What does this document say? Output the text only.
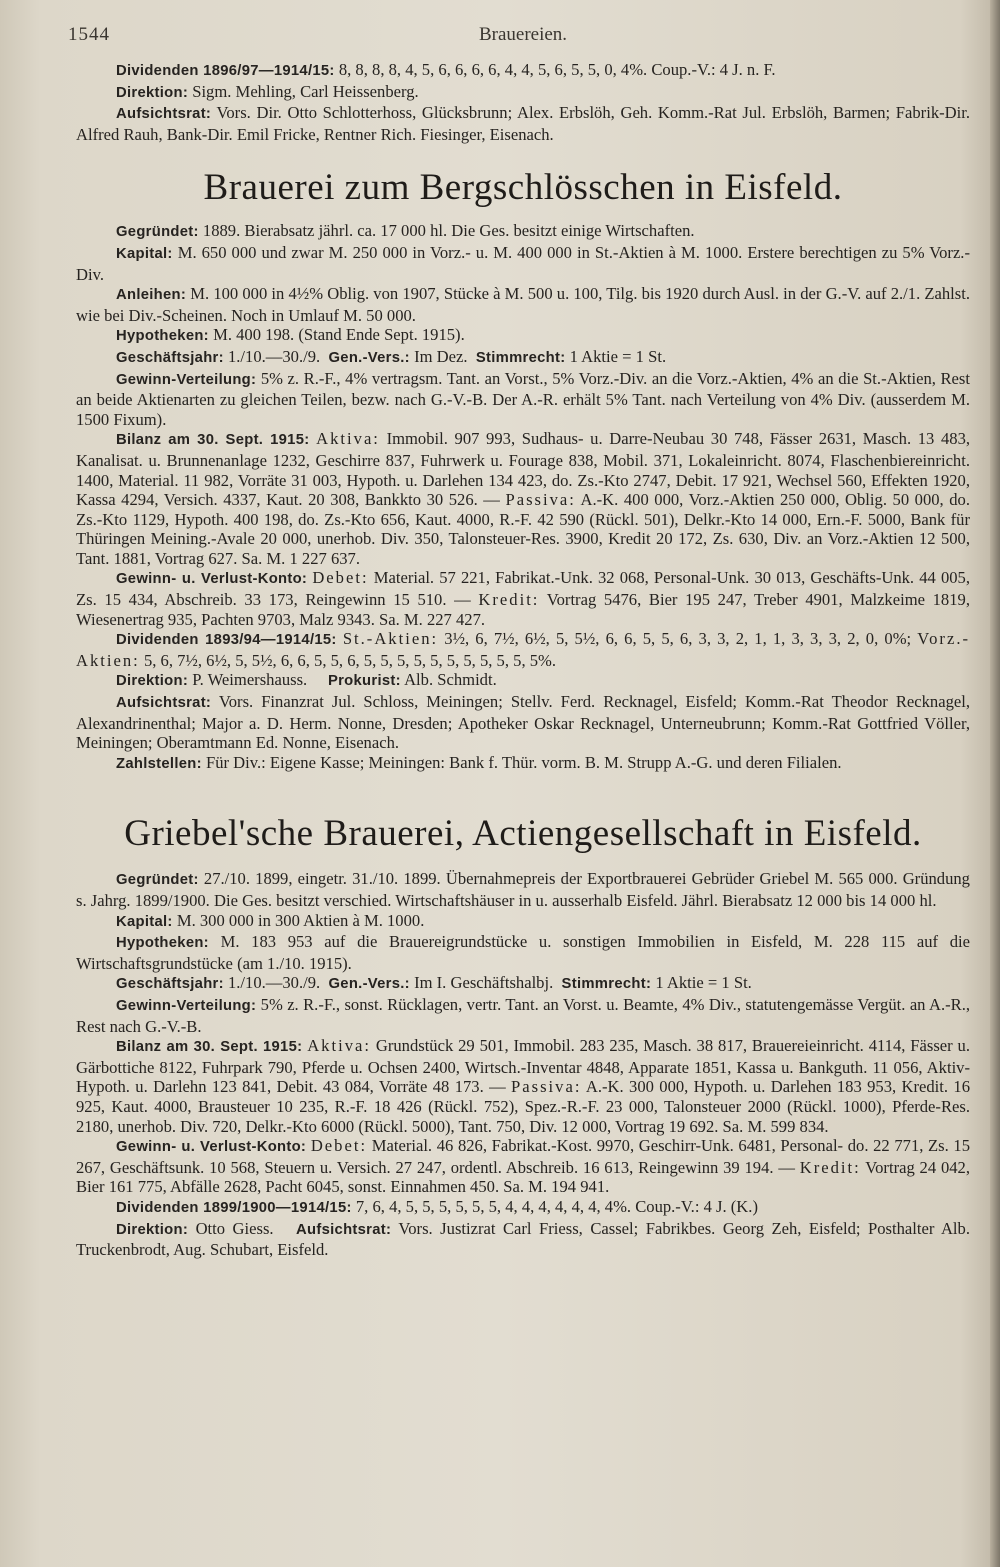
1544	Brauereien.

Dividenden 1896/97—1914/15: 8, 8, 8, 8, 4, 5, 6, 6, 6, 6, 4, 4, 5, 6, 5, 5, 0, 4%. Coup.-V.: 4 J. n. F.

Direktion: Sigm. Mehling, Carl Heissenberg.

Aufsichtsrat: Vors. Dir. Otto Schlotterhoss, Glücksbrunn; Alex. Erbslöh, Geh. Komm.-Rat Jul. Erbslöh, Barmen; Fabrik-Dir. Alfred Rauh, Bank-Dir. Emil Fricke, Rentner Rich. Fiesinger, Eisenach.

Brauerei zum Bergschlösschen in Eisfeld.

Gegründet: 1889. Bierabsatz jährl. ca. 17 000 hl. Die Ges. besitzt einige Wirtschaften.

Kapital: M. 650 000 und zwar M. 250 000 in Vorz.- u. M. 400 000 in St.-Aktien à M. 1000. Erstere berechtigen zu 5% Vorz.-Div.

Anleihen: M. 100 000 in 4½% Oblig. von 1907, Stücke à M. 500 u. 100, Tilg. bis 1920 durch Ausl. in der G.-V. auf 2./1. Zahlst. wie bei Div.-Scheinen. Noch in Umlauf M. 50 000.

Hypotheken: M. 400 198. (Stand Ende Sept. 1915).

Geschäftsjahr: 1./10.—30./9. Gen.-Vers.: Im Dez. Stimmrecht: 1 Aktie = 1 St.

Gewinn-Verteilung: 5% z. R.-F., 4% vertragsm. Tant. an Vorst., 5% Vorz.-Div. an die Vorz.-Aktien, 4% an die St.-Aktien, Rest an beide Aktienarten zu gleichen Teilen, bezw. nach G.-V.-B. Der A.-R. erhält 5% Tant. nach Verteilung von 4% Div. (ausserdem M. 1500 Fixum).

Bilanz am 30. Sept. 1915: Aktiva: Immobil. 907 993, Sudhaus- u. Darre-Neubau 30 748, Fässer 2631, Masch. 13 483, Kanalisat. u. Brunnenanlage 1232, Geschirre 837, Fuhrwerk u. Fourage 838, Mobil. 371, Lokaleinricht. 8074, Flaschenbiereinricht. 1400, Material. 11 982, Vorräte 31 003, Hypoth. u. Darlehen 134 423, do. Zs.-Kto 2747, Debit. 17 921, Wechsel 560, Effekten 1920, Kassa 4294, Versich. 4337, Kaut. 20 308, Bankkto 30 526. — Passiva: A.-K. 400 000, Vorz.-Aktien 250 000, Oblig. 50 000, do. Zs.-Kto 1129, Hypoth. 400 198, do. Zs.-Kto 656, Kaut. 4000, R.-F. 42 590 (Rückl. 501), Delkr.-Kto 14 000, Ern.-F. 5000, Bank für Thüringen Meining.-Avale 20 000, unerhob. Div. 350, Talonsteuer-Res. 3900, Kredit 20 172, Zs. 630, Div. an Vorz.-Aktien 12 500, Tant. 1881, Vortrag 627. Sa. M. 1 227 637.

Gewinn- u. Verlust-Konto: Debet: Material. 57 221, Fabrikat.-Unk. 32 068, Personal-Unk. 30 013, Geschäfts-Unk. 44 005, Zs. 15 434, Abschreib. 33 173, Reingewinn 15 510. — Kredit: Vortrag 5476, Bier 195 247, Treber 4901, Malzkeime 1819, Wiesenertrag 935, Pachten 9703, Malz 9343. Sa. M. 227 427.

Dividenden 1893/94—1914/15: St.-Aktien: 3½, 6, 7½, 6½, 5, 5½, 6, 6, 5, 5, 6, 3, 3, 2, 1, 1, 3, 3, 3, 2, 0, 0%; Vorz.-Aktien: 5, 6, 7½, 6½, 5, 5½, 6, 6, 5, 5, 6, 5, 5, 5, 5, 5, 5, 5, 5, 5, 5, 5%.

Direktion: P. Weimershauss. Prokurist: Alb. Schmidt.

Aufsichtsrat: Vors. Finanzrat Jul. Schloss, Meiningen; Stellv. Ferd. Recknagel, Eisfeld; Komm.-Rat Theodor Recknagel, Alexandrinenthal; Major a. D. Herm. Nonne, Dresden; Apotheker Oskar Recknagel, Unterneubrunn; Komm.-Rat Gottfried Völler, Meiningen; Oberamtmann Ed. Nonne, Eisenach.

Zahlstellen: Für Div.: Eigene Kasse; Meiningen: Bank f. Thür. vorm. B. M. Strupp A.-G. und deren Filialen.

Griebel'sche Brauerei, Actiengesellschaft in Eisfeld.

Gegründet: 27./10. 1899, eingetr. 31./10. 1899. Übernahmepreis der Exportbrauerei Gebrüder Griebel M. 565 000. Gründung s. Jahrg. 1899/1900. Die Ges. besitzt verschied. Wirtschaftshäuser in u. ausserhalb Eisfeld. Jährl. Bierabsatz 12 000 bis 14 000 hl.

Kapital: M. 300 000 in 300 Aktien à M. 1000.

Hypotheken: M. 183 953 auf die Brauereigrundstücke u. sonstigen Immobilien in Eisfeld, M. 228 115 auf die Wirtschaftsgrundstücke (am 1./10. 1915).

Geschäftsjahr: 1./10.—30./9. Gen.-Vers.: Im I. Geschäftshalbj. Stimmrecht: 1 Aktie = 1 St.

Gewinn-Verteilung: 5% z. R.-F., sonst. Rücklagen, vertr. Tant. an Vorst. u. Beamte, 4% Div., statutengemässe Vergüt. an A.-R., Rest nach G.-V.-B.

Bilanz am 30. Sept. 1915: Aktiva: Grundstück 29 501, Immobil. 283 235, Masch. 38 817, Brauereieinricht. 4114, Fässer u. Gärbottiche 8122, Fuhrpark 790, Pferde u. Ochsen 2400, Wirtsch.-Inventar 4848, Apparate 1851, Kassa u. Bankguth. 11 056, Aktiv-Hypoth. u. Darlehn 123 841, Debit. 43 084, Vorräte 48 173. — Passiva: A.-K. 300 000, Hypoth. u. Darlehen 183 953, Kredit. 16 925, Kaut. 4000, Brausteuer 10 235, R.-F. 18 426 (Rückl. 752), Spez.-R.-F. 23 000, Talonsteuer 2000 (Rückl. 1000), Pferde-Res. 2180, unerhob. Div. 720, Delkr.-Kto 6000 (Rückl. 5000), Tant. 750, Div. 12 000, Vortrag 19 692. Sa. M. 599 834.

Gewinn- u. Verlust-Konto: Debet: Material. 46 826, Fabrikat.-Kost. 9970, Geschirr-Unk. 6481, Personal- do. 22 771, Zs. 15 267, Geschäftsunk. 10 568, Steuern u. Versich. 27 247, ordentl. Abschreib. 16 613, Reingewinn 39 194. — Kredit: Vortrag 24 042, Bier 161 775, Abfälle 2628, Pacht 6045, sonst. Einnahmen 450. Sa. M. 194 941.

Dividenden 1899/1900—1914/15: 7, 6, 4, 5, 5, 5, 5, 5, 5, 4, 4, 4, 4, 4, 4, 4%. Coup.-V.: 4 J. (K.)

Direktion: Otto Giess. Aufsichtsrat: Vors. Justizrat Carl Friess, Cassel; Fabrikbes. Georg Zeh, Eisfeld; Posthalter Alb. Truckenbrodt, Aug. Schubart, Eisfeld.
